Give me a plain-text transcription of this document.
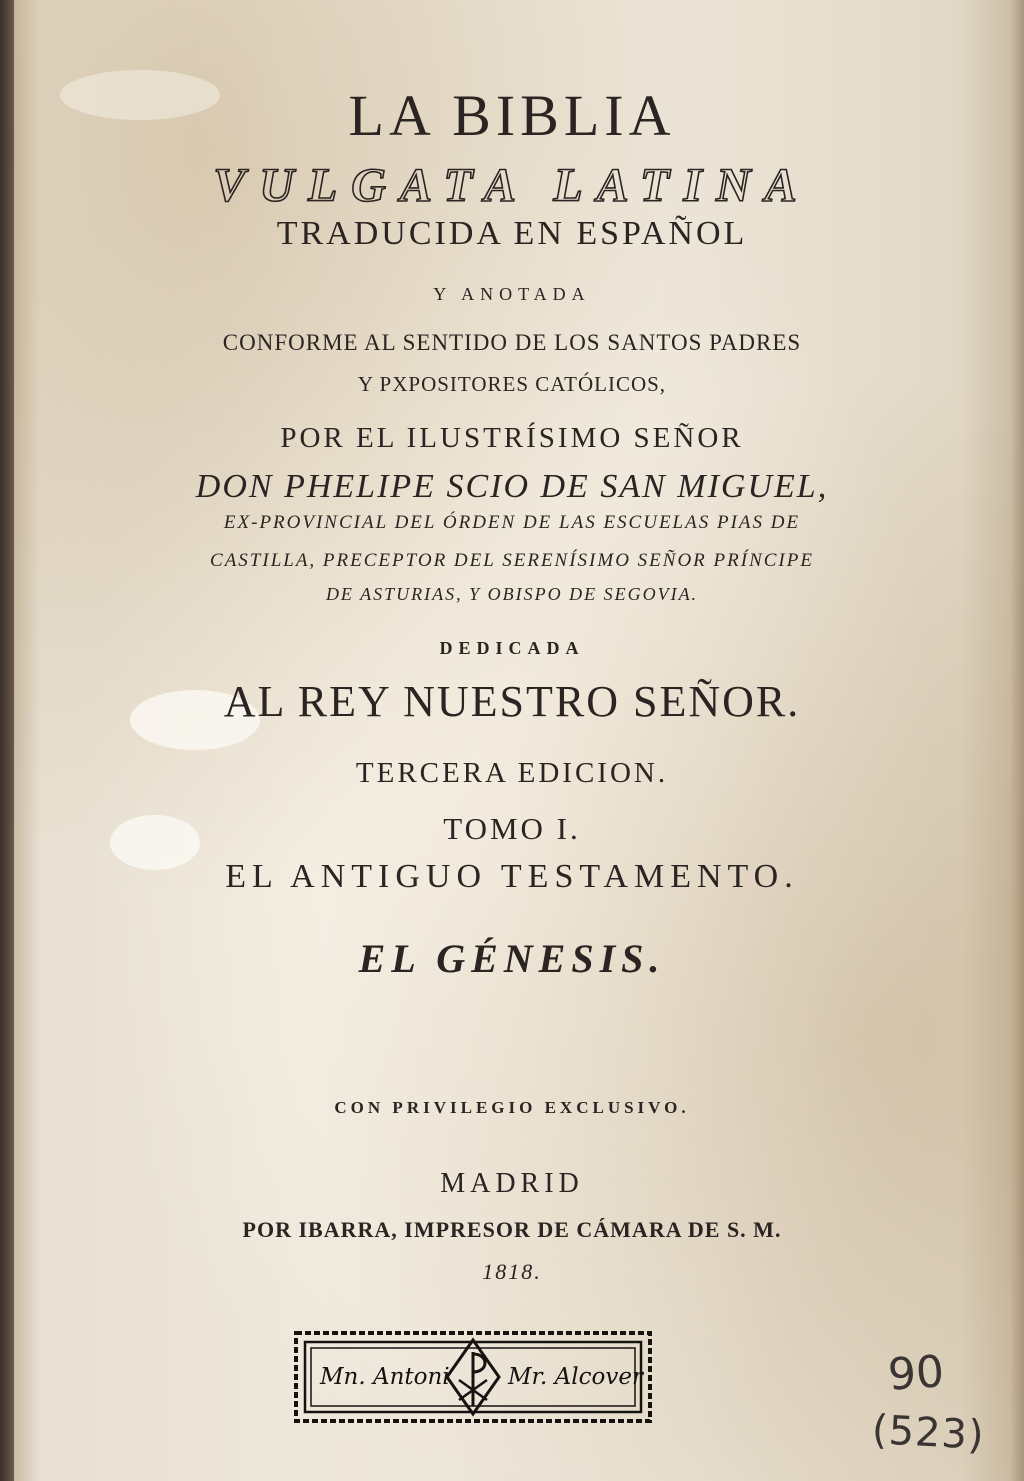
LA BIBLIA
VULGATA LATINA
TRADUCIDA EN ESPAÑOL
Y ANOTADA
CONFORME AL SENTIDO DE LOS SANTOS PADRES
Y PXPOSITORES CATÓLICOS,
POR EL ILUSTRÍSIMO SEÑOR
DON PHELIPE SCIO DE SAN MIGUEL,
EX-PROVINCIAL DEL ÓRDEN DE LAS ESCUELAS PIAS DE
CASTILLA, PRECEPTOR DEL SERENÍSIMO SEÑOR PRÍNCIPE
DE ASTURIAS, Y OBISPO DE SEGOVIA.
DEDICADA
AL REY NUESTRO SEÑOR.
TERCERA EDICION.
TOMO I.
EL ANTIGUO TESTAMENTO.
EL GÉNESIS.
CON PRIVILEGIO EXCLUSIVO.
MADRID
POR IBARRA, IMPRESOR DE CÁMARA DE S. M.
1818.
Mn. Antoni	Mr. Alcover	90
(523)
